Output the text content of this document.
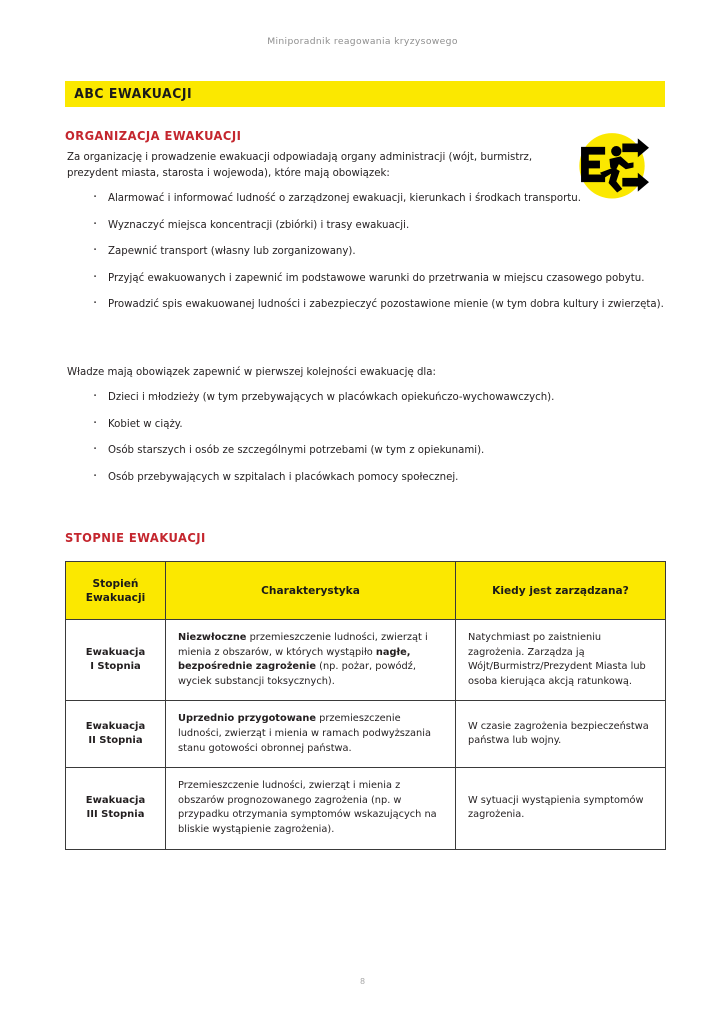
Miniporadnik reagowania kryzysowego
ABC EWAKUACJI
ORGANIZACJA EWAKUACJI
Za organizację i prowadzenie ewakuacji odpowiadają organy administracji (wójt, burmistrz, prezydent miasta, starosta i wojewoda), które mają obowiązek:
· Alarmować i informować ludność o zarządzonej ewakuacji, kierunkach i środkach transportu.
· Wyznaczyć miejsca koncentracji (zbiórki) i trasy ewakuacji.
· Zapewnić transport (własny lub zorganizowany).
· Przyjąć ewakuowanych i zapewnić im podstawowe warunki do przetrwania w miejscu czasowego pobytu.
· Prowadzić spis ewakuowanej ludności i zabezpieczyć pozostawione mienie (w tym dobra kultury i zwierzęta).
Władze mają obowiązek zapewnić w pierwszej kolejności ewakuację dla:
· Dzieci i młodzieży (w tym przebywających w placówkach opiekuńczo-wychowawczych).
· Kobiet w ciąży.
· Osób starszych i osób ze szczególnymi potrzebami (w tym z opiekunami).
· Osób przebywających w szpitalach i placówkach pomocy społecznej.
STOPNIE EWAKUACJI
Stopień
Ewakuacji	Charakterystyka	Kiedy jest zarządzana?
Ewakuacja
I Stopnia	Niezwłoczne przemieszczenie ludności, zwierząt i mienia z obszarów, w których wystąpiło nagłe, bezpośrednie zagrożenie (np. pożar, powódź, wyciek substancji toksycznych).	Natychmiast po zaistnieniu zagrożenia. Zarządza ją Wójt/Burmistrz/Prezydent Miasta lub osoba kierująca akcją ratunkową.
Ewakuacja
II Stopnia	Uprzednio przygotowane przemieszczenie ludności, zwierząt i mienia w ramach podwyższania stanu gotowości obronnej państwa.	W czasie zagrożenia bezpieczeństwa państwa lub wojny.
Ewakuacja
III Stopnia	Przemieszczenie ludności, zwierząt i mienia z obszarów prognozowanego zagrożenia (np. w przypadku otrzymania symptomów wskazujących na bliskie wystąpienie zagrożenia).	W sytuacji wystąpienia symptomów zagrożenia.
8
